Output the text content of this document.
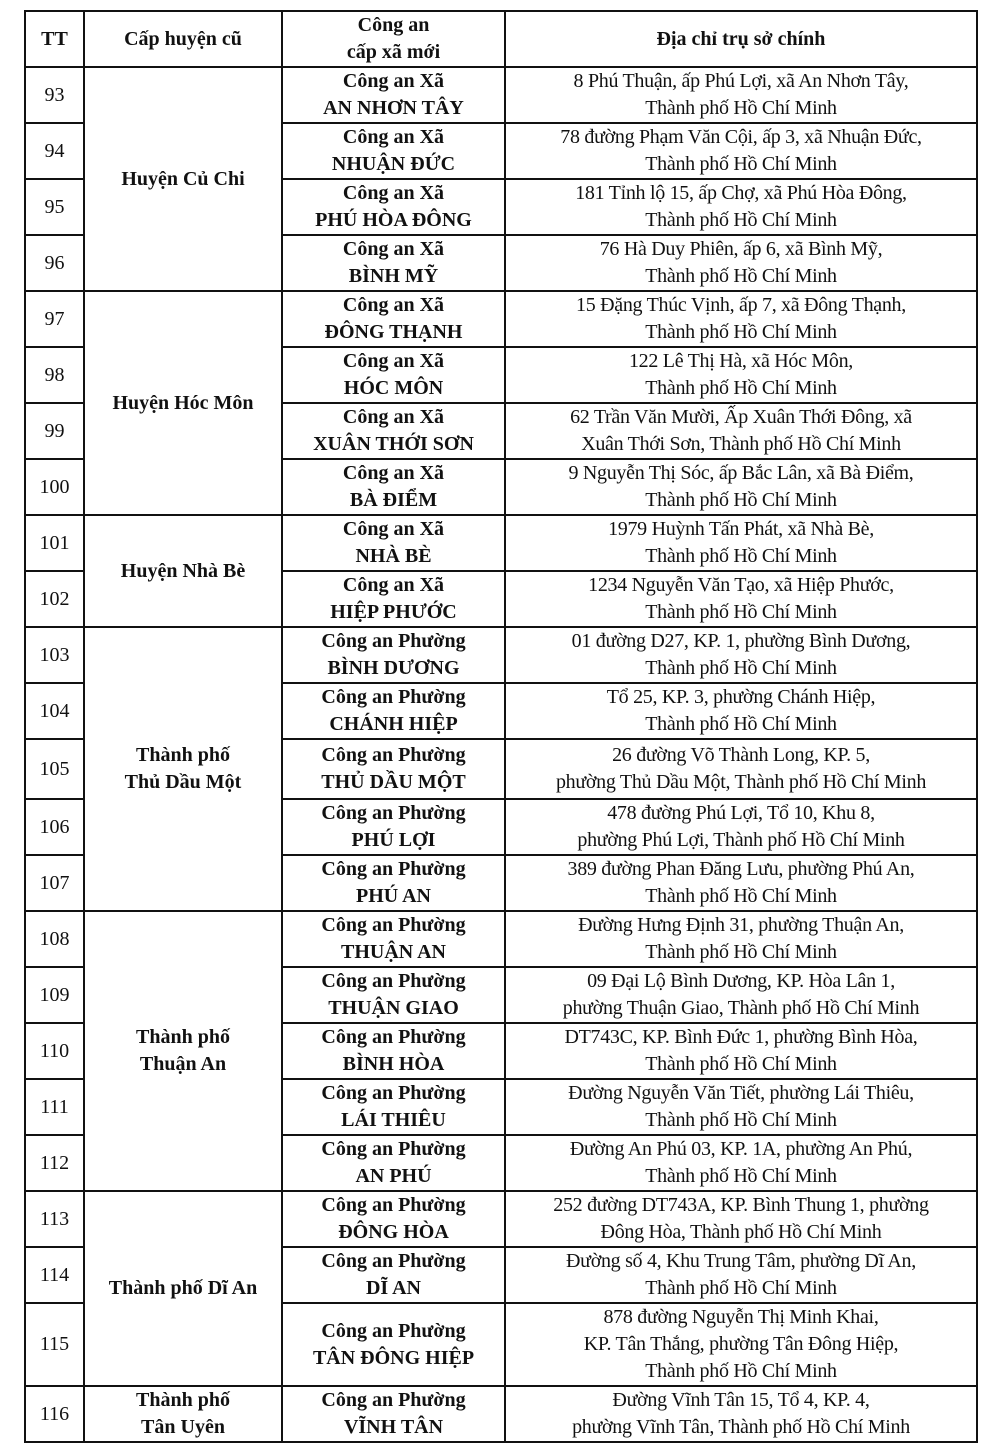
TT	Cấp huyện cũ	Công an
cấp xã mới	Địa chỉ trụ sở chính
93	Huyện Củ Chi	Công an Xã
AN NHƠN TÂY	8 Phú Thuận, ấp Phú Lợi, xã An Nhơn Tây,
Thành phố Hồ Chí Minh

94		Công an Xã
NHUẬN ĐỨC	78 đường Phạm Văn Cội, ấp 3, xã Nhuận Đức,
Thành phố Hồ Chí Minh

95		Công an Xã
PHÚ HÒA ĐÔNG	181 Tỉnh lộ 15, ấp Chợ, xã Phú Hòa Đông,
Thành phố Hồ Chí Minh

96		Công an Xã
BÌNH MỸ	76 Hà Duy Phiên, ấp 6, xã Bình Mỹ,
Thành phố Hồ Chí Minh

97	Huyện Hóc Môn	Công an Xã
ĐÔNG THẠNH	15 Đặng Thúc Vịnh, ấp 7, xã Đông Thạnh,
Thành phố Hồ Chí Minh

98		Công an Xã
HÓC MÔN	122 Lê Thị Hà, xã Hóc Môn,
Thành phố Hồ Chí Minh

99		Công an Xã
XUÂN THỚI SƠN	62 Trần Văn Mười, Ấp Xuân Thới Đông, xã
Xuân Thới Sơn, Thành phố Hồ Chí Minh

100		Công an Xã
BÀ ĐIỂM	9 Nguyễn Thị Sóc, ấp Bắc Lân, xã Bà Điểm,
Thành phố Hồ Chí Minh

101	Huyện Nhà Bè	Công an Xã
NHÀ BÈ	1979 Huỳnh Tấn Phát, xã Nhà Bè,
Thành phố Hồ Chí Minh

102		Công an Xã
HIỆP PHƯỚC	1234 Nguyễn Văn Tạo, xã Hiệp Phước,
Thành phố Hồ Chí Minh

103	Thành phố
Thủ Dầu Một	Công an Phường
BÌNH DƯƠNG	01 đường D27, KP. 1, phường Bình Dương,
Thành phố Hồ Chí Minh

104		Công an Phường
CHÁNH HIỆP	Tổ 25, KP. 3, phường Chánh Hiệp,
Thành phố Hồ Chí Minh

105		Công an Phường
THỦ DẦU MỘT	26 đường Võ Thành Long, KP. 5,
phường Thủ Dầu Một, Thành phố Hồ Chí Minh

106		Công an Phường
PHÚ LỢI	478 đường Phú Lợi, Tổ 10, Khu 8,
phường Phú Lợi, Thành phố Hồ Chí Minh

107		Công an Phường
PHÚ AN	389 đường Phan Đăng Lưu, phường Phú An,
Thành phố Hồ Chí Minh

108	Thành phố
Thuận An	Công an Phường
THUẬN AN	Đường Hưng Định 31, phường Thuận An,
Thành phố Hồ Chí Minh

109		Công an Phường
THUẬN GIAO	09 Đại Lộ Bình Dương, KP. Hòa Lân 1,
phường Thuận Giao, Thành phố Hồ Chí Minh

110		Công an Phường
BÌNH HÒA	DT743C, KP. Bình Đức 1, phường Bình Hòa,
Thành phố Hồ Chí Minh

111		Công an Phường
LÁI THIÊU	Đường Nguyễn Văn Tiết, phường Lái Thiêu,
Thành phố Hồ Chí Minh

112		Công an Phường
AN PHÚ	Đường An Phú 03, KP. 1A, phường An Phú,
Thành phố Hồ Chí Minh

113	Thành phố Dĩ An	Công an Phường
ĐÔNG HÒA	252 đường DT743A, KP. Bình Thung 1, phường
Đông Hòa, Thành phố Hồ Chí Minh

114		Công an Phường
DĨ AN	Đường số 4, Khu Trung Tâm, phường Dĩ An,
Thành phố Hồ Chí Minh

115		Công an Phường
TÂN ĐÔNG HIỆP	878 đường Nguyễn Thị Minh Khai,
KP. Tân Thắng, phường Tân Đông Hiệp,
Thành phố Hồ Chí Minh

116	Thành phố
Tân Uyên	Công an Phường
VĨNH TÂN	Đường Vĩnh Tân 15, Tổ 4, KP. 4,
phường Vĩnh Tân, Thành phố Hồ Chí Minh
